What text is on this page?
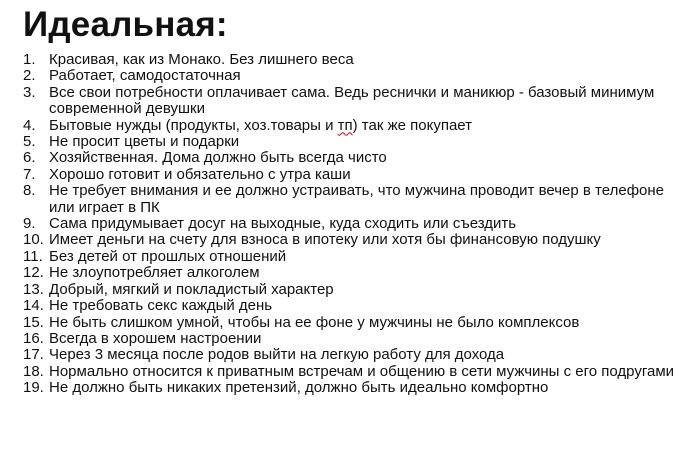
Идеальная:
1. Красивая, как из Монако. Без лишнего веса
2. Работает, самодостаточная
3. Все свои потребности оплачивает сама. Ведь реснички и маникюр - базовый минимум современной девушки
4. Бытовые нужды (продукты, хоз.товары и тп) так же покупает
5. Не просит цветы и подарки
6. Хозяйственная. Дома должно быть всегда чисто
7. Хорошо готовит и обязательно с утра каши
8. Не требует внимания и ее должно устраивать, что мужчина проводит вечер в телефоне или играет в ПК
9. Сама придумывает досуг на выходные, куда сходить или съездить
10. Имеет деньги на счету для взноса в ипотеку или хотя бы финансовую подушку
11. Без детей от прошлых отношений
12. Не злоупотребляет алкоголем
13. Добрый, мягкий и покладистый характер
14. Не требовать секс каждый день
15. Не быть слишком умной, чтобы на ее фоне у мужчины не было комплексов
16. Всегда в хорошем настроении
17. Через 3 месяца после родов выйти на легкую работу для дохода
18. Нормально относится к приватным встречам и общению в сети мужчины с его подругами
19. Не должно быть никаких претензий, должно быть идеально комфортно
